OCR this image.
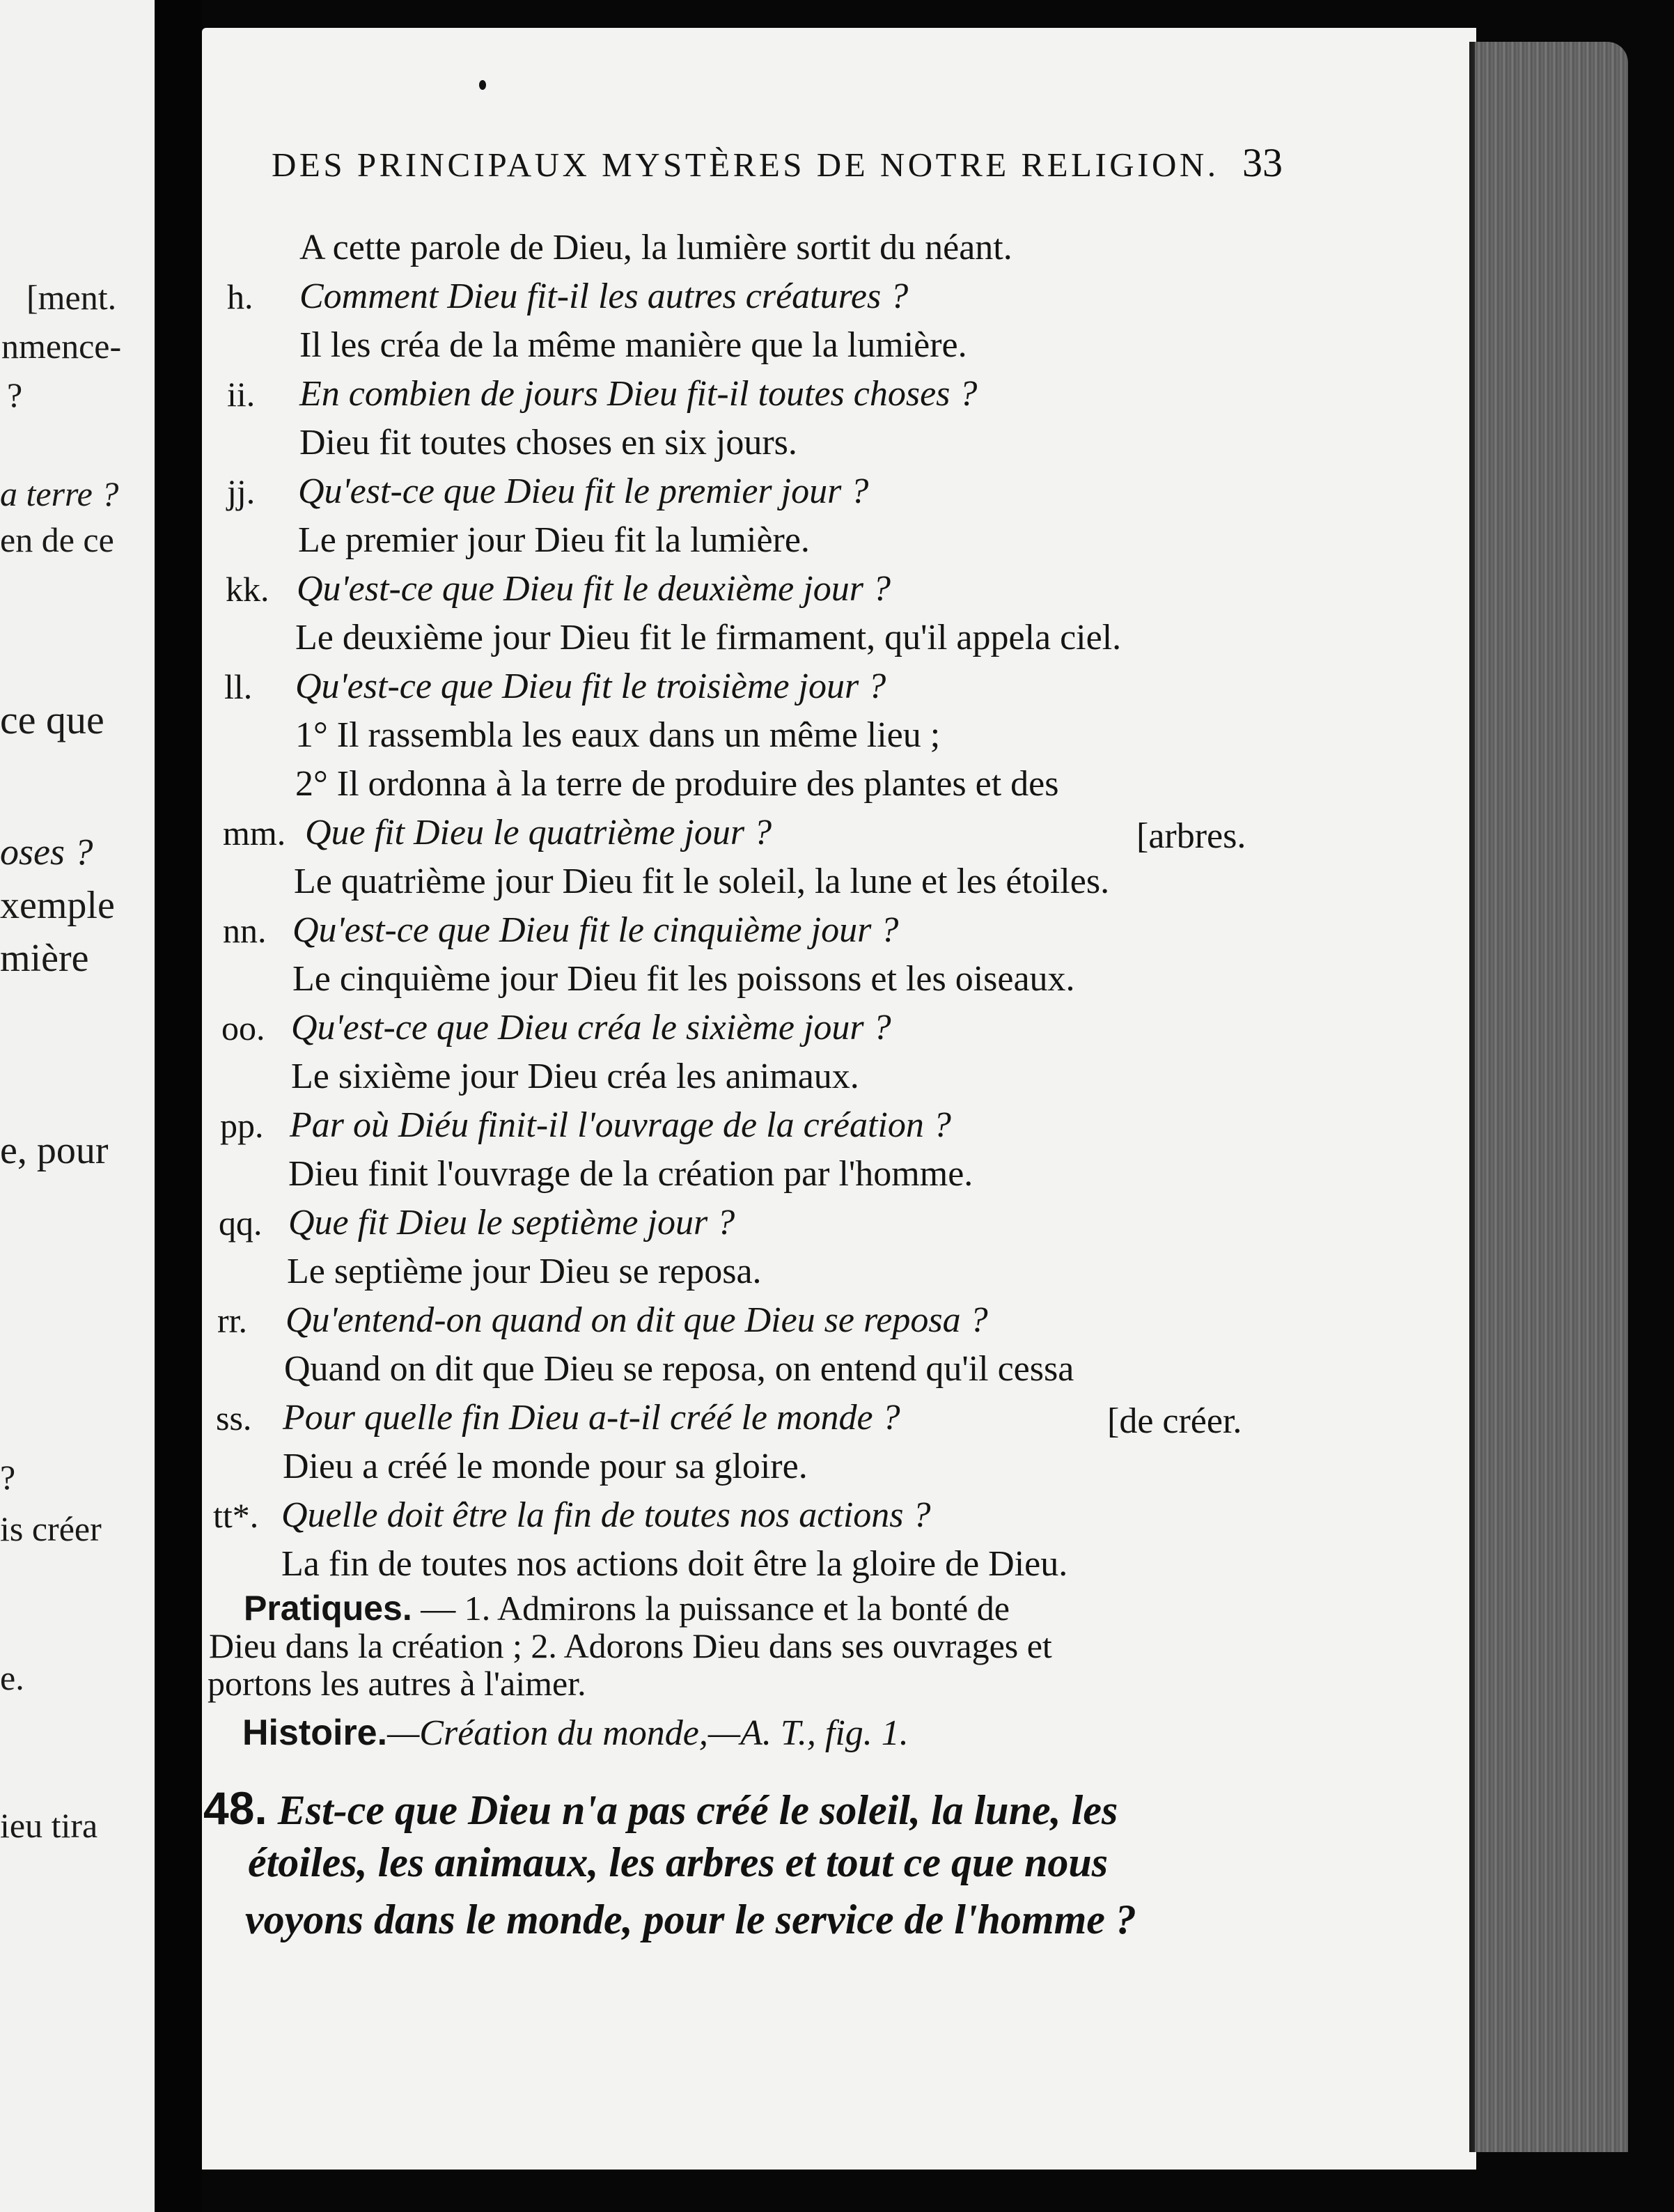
[ment.
nmence-
?
a terre ?
en de ce
ce que
oses ?
xemple
mière
e, pour
?
is créer
e.
ieu tira
DES PRINCIPAUX MYSTÈRES DE NOTRE RELIGION. 33
A cette parole de Dieu, la lumière sortit du néant.
h. Comment Dieu fit-il les autres créatures ?
Il les créa de la même manière que la lumière.
ii. En combien de jours Dieu fit-il toutes choses ?
Dieu fit toutes choses en six jours.
jj. Qu'est-ce que Dieu fit le premier jour ?
Le premier jour Dieu fit la lumière.
kk. Qu'est-ce que Dieu fit le deuxième jour ?
Le deuxième jour Dieu fit le firmament, qu'il appela ciel.
ll. Qu'est-ce que Dieu fit le troisième jour ?
1° Il rassembla les eaux dans un même lieu ;
2° Il ordonna à la terre de produire des plantes et des
mm. Que fit Dieu le quatrième jour ?	[arbres.
Le quatrième jour Dieu fit le soleil, la lune et les étoiles.
nn. Qu'est-ce que Dieu fit le cinquième jour ?
Le cinquième jour Dieu fit les poissons et les oiseaux.
oo. Qu'est-ce que Dieu créa le sixième jour ?
Le sixième jour Dieu créa les animaux.
pp. Par où Diéu finit-il l'ouvrage de la création ?
Dieu finit l'ouvrage de la création par l'homme.
qq. Que fit Dieu le septième jour ?
Le septième jour Dieu se reposa.
rr. Qu'entend-on quand on dit que Dieu se reposa ?
Quand on dit que Dieu se reposa, on entend qu'il cessa
ss. Pour quelle fin Dieu a-t-il créé le monde ?	[de créer.
Dieu a créé le monde pour sa gloire.
tt*. Quelle doit être la fin de toutes nos actions ?
La fin de toutes nos actions doit être la gloire de Dieu.
Pratiques. — 1. Admirons la puissance et la bonté de
Dieu dans la création ; 2. Adorons Dieu dans ses ouvrages et
portons les autres à l'aimer.
Histoire.—Création du monde,—A. T., fig. 1.
48. Est-ce que Dieu n'a pas créé le soleil, la lune, les
étoiles, les animaux, les arbres et tout ce que nous
voyons dans le monde, pour le service de l'homme ?
